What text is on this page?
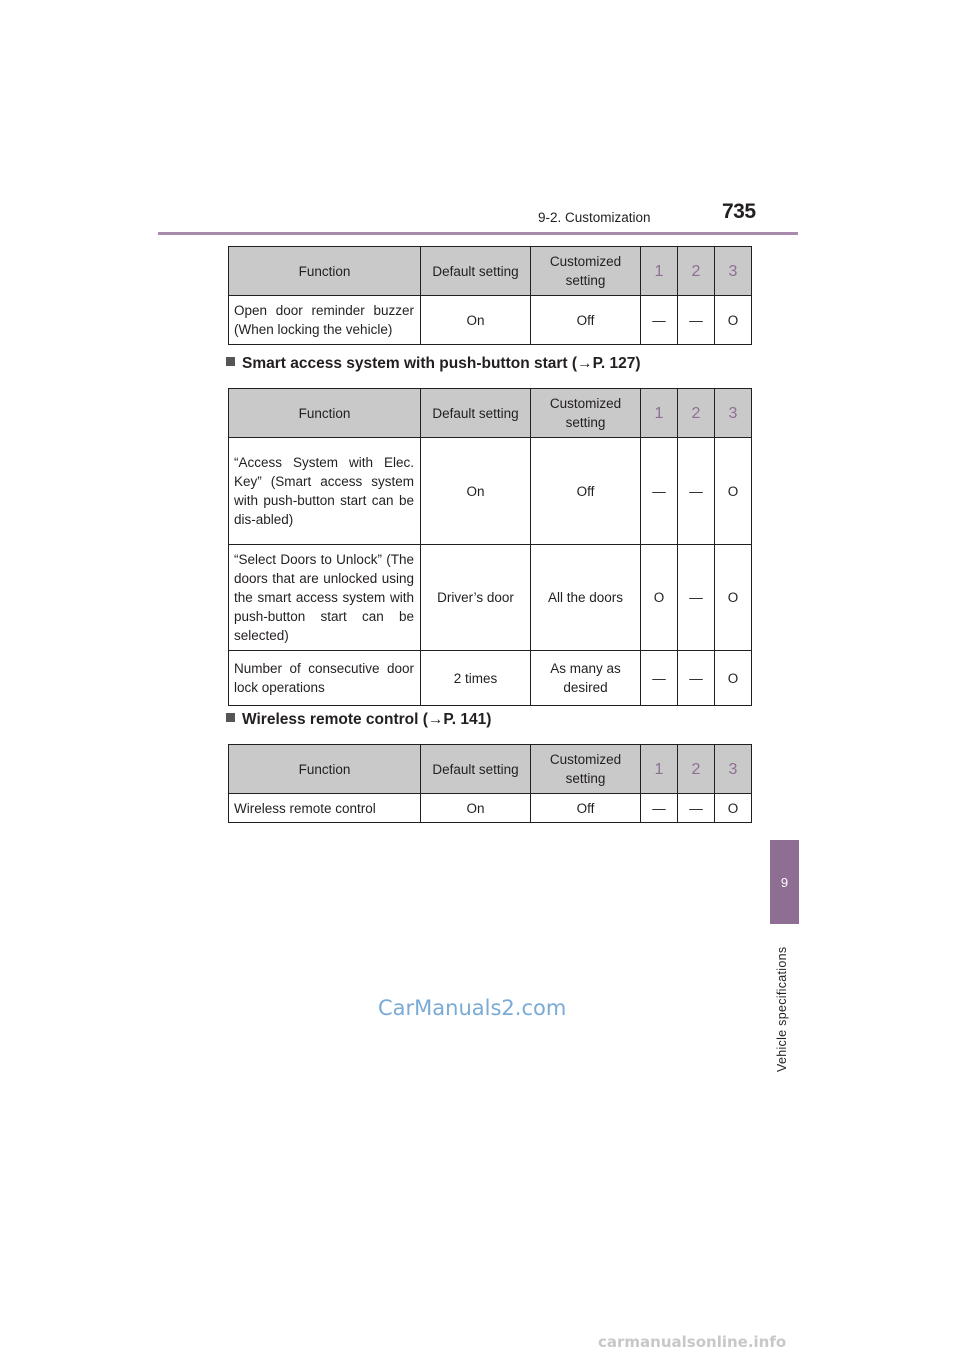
9-2. Customization	735
9
Vehicle specifications
Function	Default setting	Customized setting	1	2	3
Open door reminder buzzer (When locking the vehicle)	On	Off	—	—	O
Smart access system with push-button start (→P. 127)
Function	Default setting	Customized setting	1	2	3
“Access System with Elec. Key” (Smart access system with push-button start can be dis-abled)	On	Off	—	—	O
“Select Doors to Unlock” (The doors that are unlocked using the smart access system with push-button start can be selected)	Driver’s door	All the doors	O	—	O
Number of consecutive door lock operations	2 times	As many as desired	—	—	O
Wireless remote control (→P. 141)
Function	Default setting	Customized setting	1	2	3
Wireless remote control	On	Off	—	—	O
CarManuals2.com
carmanualsonline.info
